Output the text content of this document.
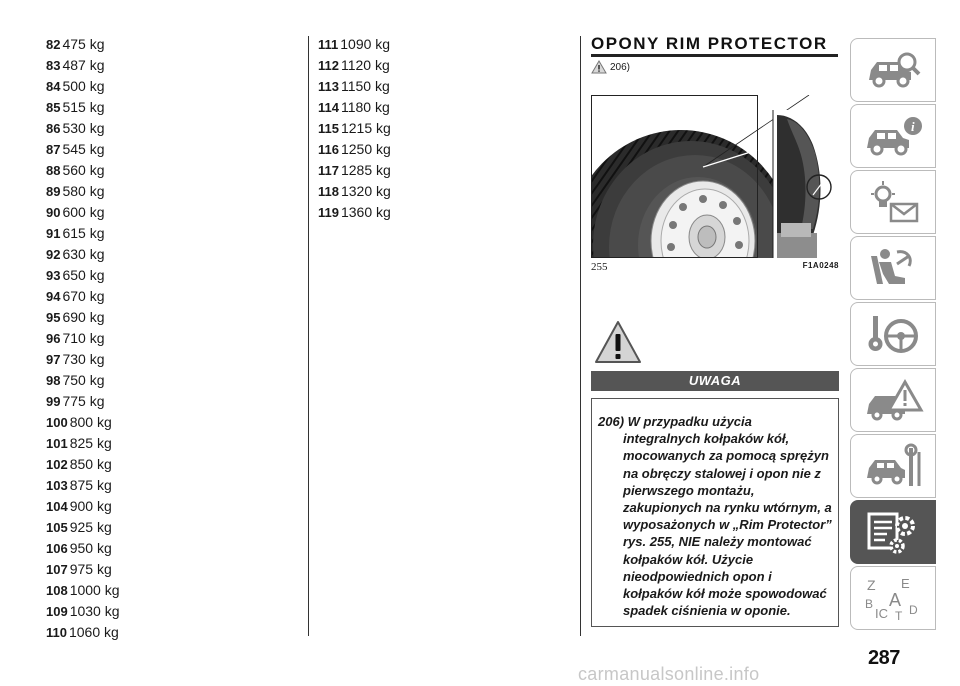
82 475 kg
83 487 kg
84 500 kg
85 515 kg
86 530 kg
87 545 kg
88 560 kg
89 580 kg
90 600 kg
91 615 kg
92 630 kg
93 650 kg
94 670 kg
95 690 kg
96 710 kg
97 730 kg
98 750 kg
99 775 kg
100 800 kg
101 825 kg
102 850 kg
103 875 kg
104 900 kg
105 925 kg
106 950 kg
107 975 kg
108 1000 kg
109 1030 kg
110 1060 kg
111 1090 kg
112 1120 kg
113 1150 kg
114 1180 kg
115 1215 kg
116 1250 kg
117 1285 kg
118 1320 kg
119 1360 kg
OPONY RIM PROTECTOR
206)
255	F1A0248
UWAGA

206) W przypadku użycia integralnych kołpaków kół, mocowanych za pomocą sprężyn na obręczy stalowej i opon nie z pierwszego montażu, zakupionych na rynku wtórnym, a wyposażonych w „Rim Protector” rys. 255, NIE należy montować kołpaków kół. Użycie nieodpowiednich opon i kołpaków kół może spowodować spadek ciśnienia w oponie.

i
Z E
B A
IC D
T
287
carmanualsonline.info
